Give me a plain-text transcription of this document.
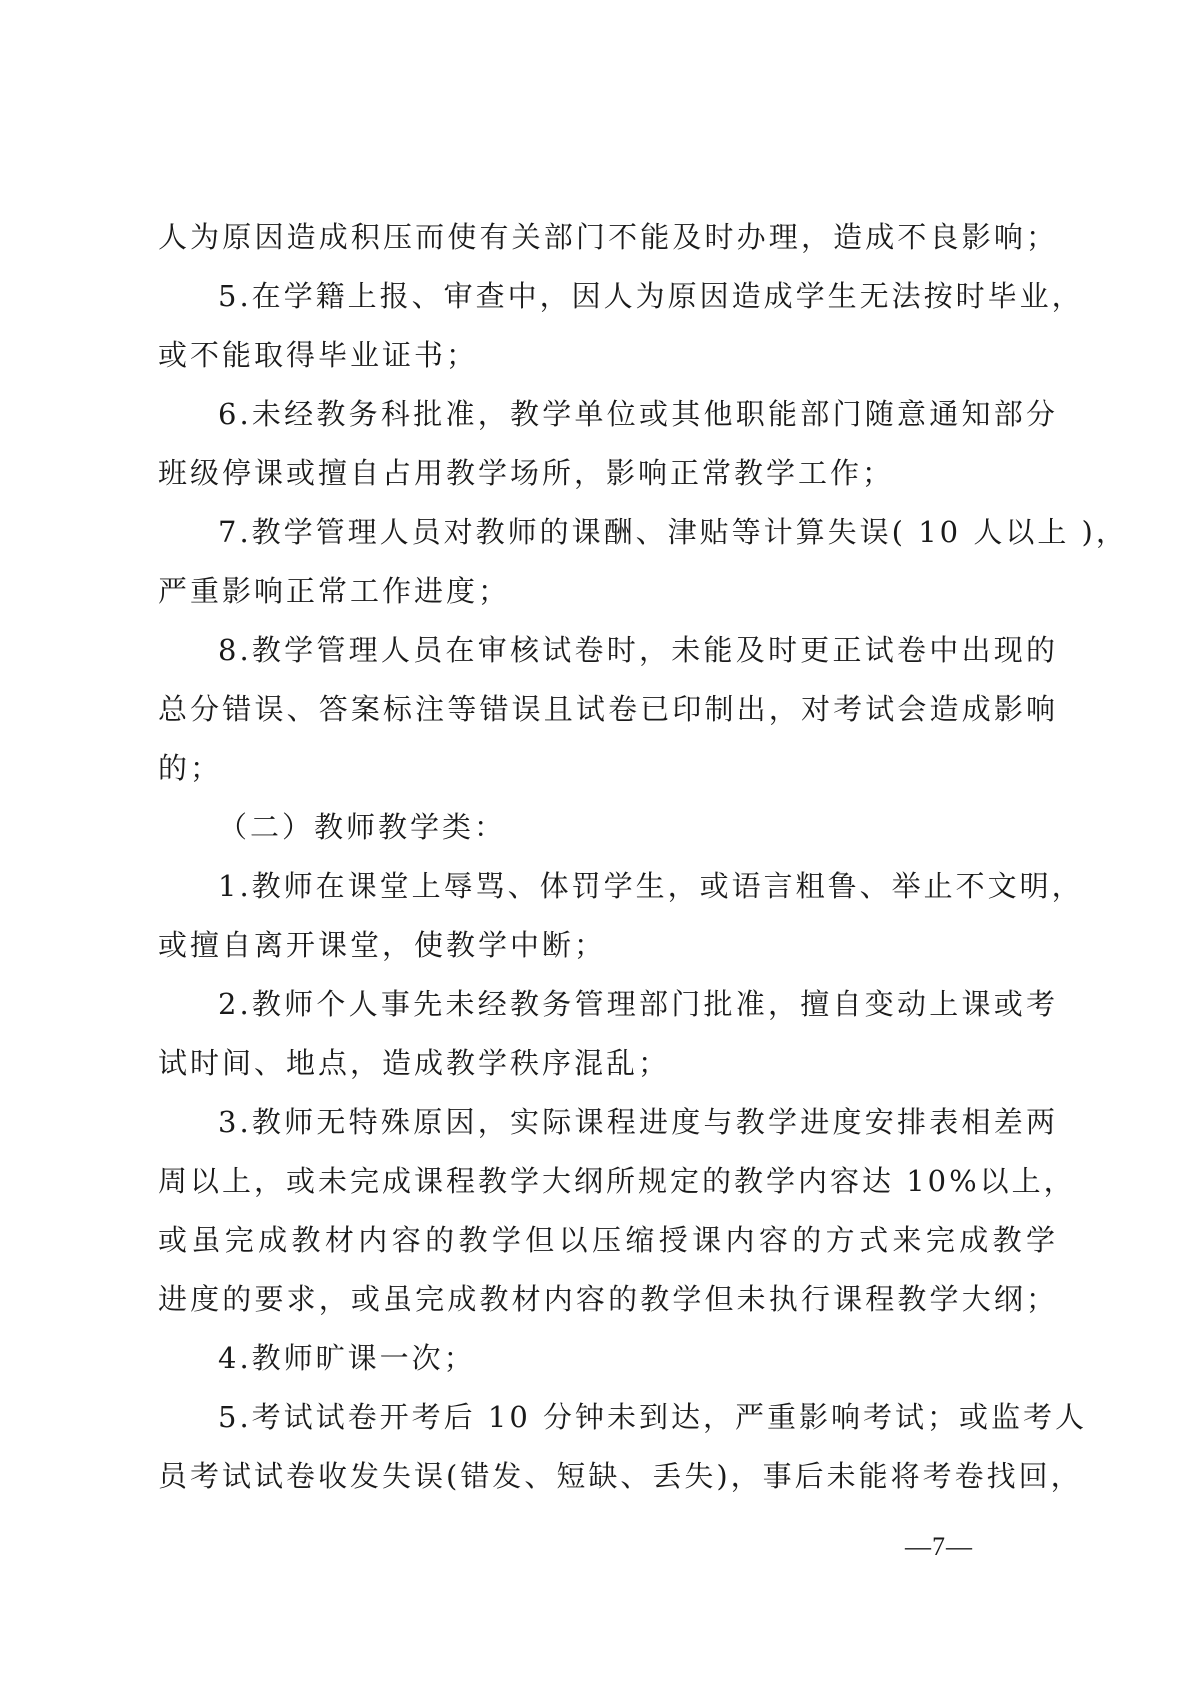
人为原因造成积压而使有关部门不能及时办理，造成不良影响；
5.在学籍上报、审查中，因人为原因造成学生无法按时毕业，
或不能取得毕业证书；
6.未经教务科批准，教学单位或其他职能部门随意通知部分
班级停课或擅自占用教学场所，影响正常教学工作；
7.教学管理人员对教师的课酬、津贴等计算失误( 10 人以上 )，
严重影响正常工作进度；
8.教学管理人员在审核试卷时，未能及时更正试卷中出现的
总分错误、答案标注等错误且试卷已印制出，对考试会造成影响
的；
（二）教师教学类：
1.教师在课堂上辱骂、体罚学生，或语言粗鲁、举止不文明，
或擅自离开课堂，使教学中断；
2.教师个人事先未经教务管理部门批准，擅自变动上课或考
试时间、地点，造成教学秩序混乱；
3.教师无特殊原因，实际课程进度与教学进度安排表相差两
周以上，或未完成课程教学大纲所规定的教学内容达 10%以上，
或虽完成教材内容的教学但以压缩授课内容的方式来完成教学
进度的要求，或虽完成教材内容的教学但未执行课程教学大纲；
4.教师旷课一次；
5.考试试卷开考后 10 分钟未到达，严重影响考试；或监考人
员考试试卷收发失误(错发、短缺、丢失)，事后未能将考卷找回，
—7—
